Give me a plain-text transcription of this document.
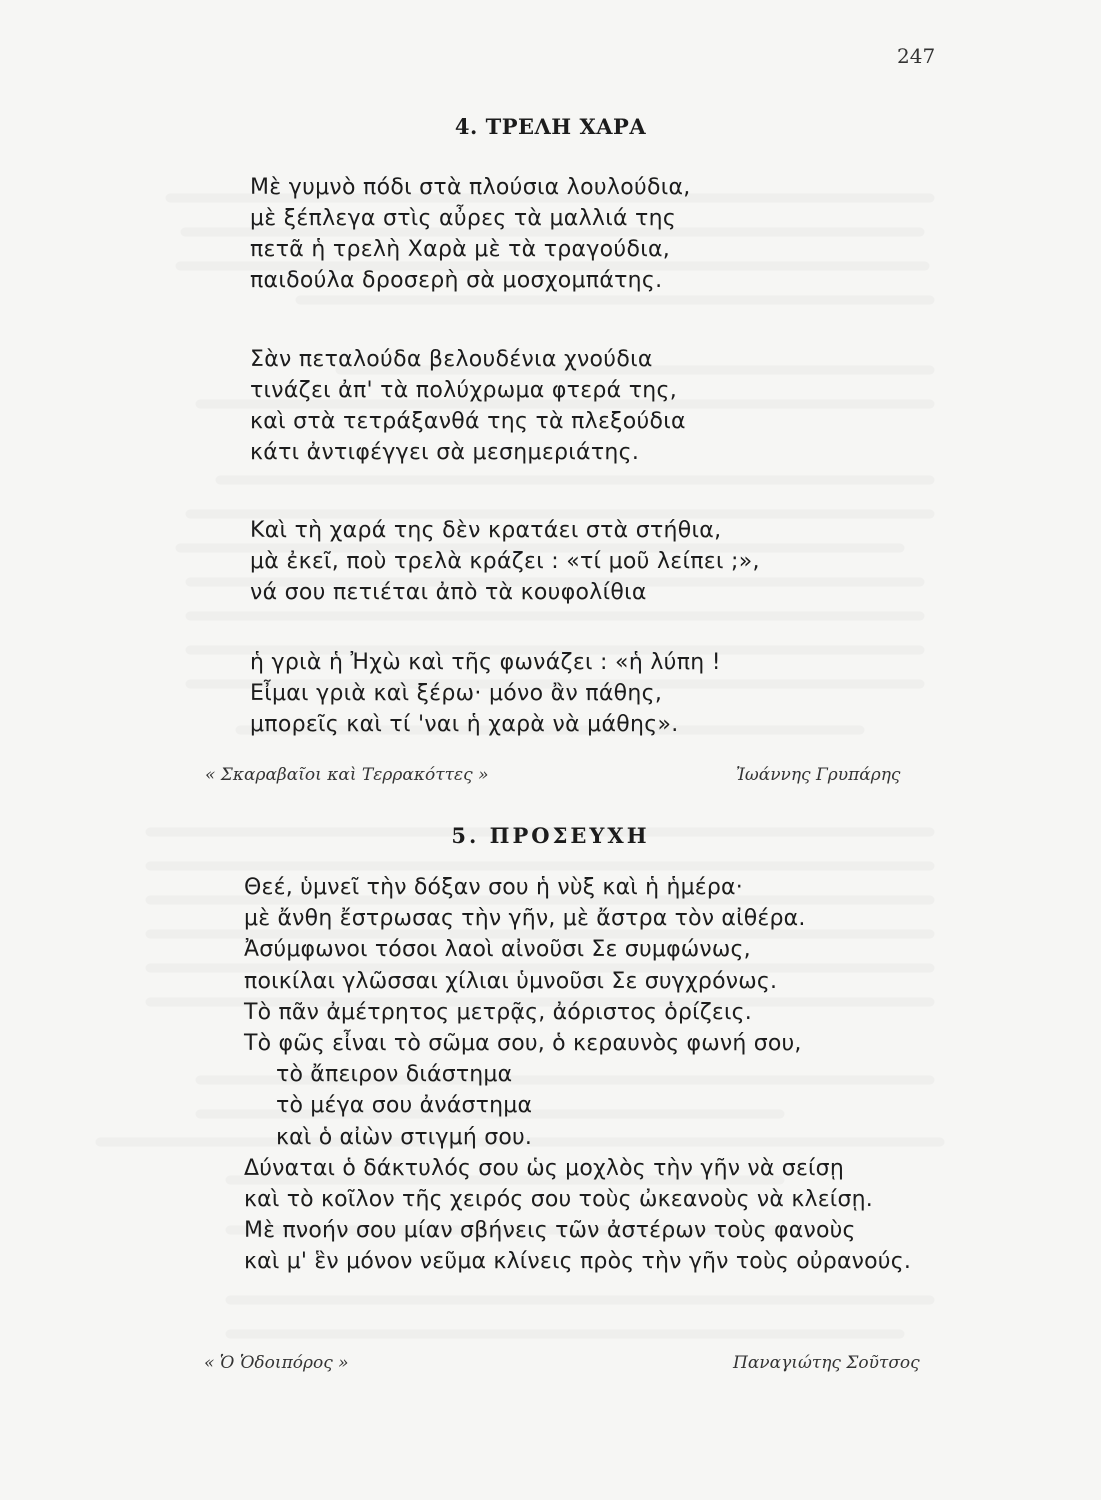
247
4. ΤΡΕΛΗ ΧΑΡΑ
Μὲ γυμνὸ πόδι στὰ πλούσια λουλούδια,
μὲ ξέπλεγα στὶς αὖρες τὰ μαλλιά της
πετᾶ ἡ τρελὴ Χαρὰ μὲ τὰ τραγούδια,
παιδούλα δροσερὴ σὰ μοσχομπάτης.
Σὰν πεταλούδα βελουδένια χνούδια
τινάζει ἀπ' τὰ πολύχρωμα φτερά της,
καὶ στὰ τετράξανθά της τὰ πλεξούδια
κάτι ἀντιφέγγει σὰ μεσημεριάτης.
Καὶ τὴ χαρά της δὲν κρατάει στὰ στήθια,
μὰ ἐκεῖ, ποὺ τρελὰ κράζει : «τί μοῦ λείπει ;»,
νά σου πετιέται ἀπὸ τὰ κουφολίθια
ἡ γριὰ ἡ Ἠχὼ καὶ τῆς φωνάζει : «ἡ λύπη !
Εἶμαι γριὰ καὶ ξέρω· μόνο ἂν πάθης,
μπορεῖς καὶ τί 'ναι ἡ χαρὰ νὰ μάθης».
« Σκαραβαῖοι καὶ Τερρακόττες »	Ἰωάννης Γρυπάρης
5. ΠΡΟΣΕΥΧΗ
Θεέ, ὑμνεῖ τὴν δόξαν σου ἡ νὺξ καὶ ἡ ἡμέρα·
μὲ ἄνθη ἔστρωσας τὴν γῆν, μὲ ἄστρα τὸν αἰθέρα.
Ἀσύμφωνοι τόσοι λαοὶ αἰνοῦσι Σε συμφώνως,
ποικίλαι γλῶσσαι χίλιαι ὑμνοῦσι Σε συγχρόνως.
Τὸ πᾶν ἀμέτρητος μετρᾷς, ἀόριστος ὁρίζεις.
Τὸ φῶς εἶναι τὸ σῶμα σου, ὁ κεραυνὸς φωνή σου,
τὸ ἄπειρον διάστημα
τὸ μέγα σου ἀνάστημα
καὶ ὁ αἰὼν στιγμή σου.
Δύναται ὁ δάκτυλός σου ὡς μοχλὸς τὴν γῆν νὰ σείσῃ
καὶ τὸ κοῖλον τῆς χειρός σου τοὺς ὠκεανοὺς νὰ κλείσῃ.
Μὲ πνοήν σου μίαν σβήνεις τῶν ἀστέρων τοὺς φανοὺς
καὶ μ' ἓν μόνον νεῦμα κλίνεις πρὸς τὴν γῆν τοὺς οὐρανούς.
« Ὁ Ὁδοιπόρος »	Παναγιώτης Σοῦτσος
